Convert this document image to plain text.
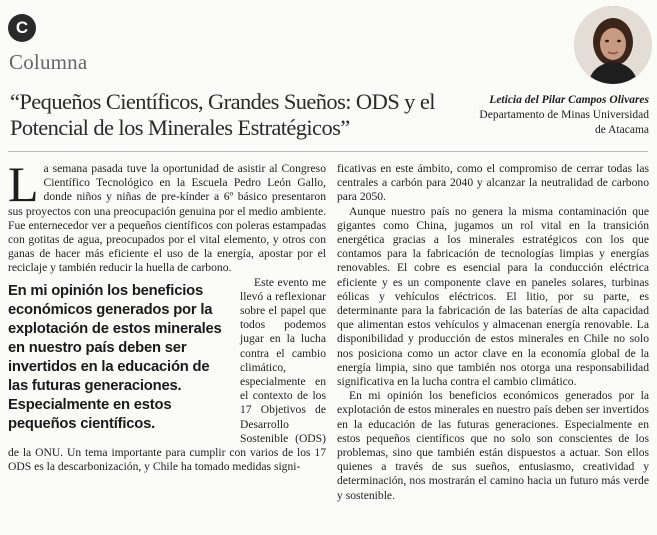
C
Columna
“Pequeños Científicos, Grandes Sueños: ODS y el Potencial de los Minerales Estratégicos”
Leticia del Pilar Campos Olivares
Departamento de Minas Universidad de Atacama

La semana pasada tuve la oportunidad de asistir al Congreso Científico Tecnológico en la Escuela Pedro León Gallo, donde niños y niñas de pre-kínder a 6º básico presentaron sus proyectos con una preocupación genuina por el medio ambiente. Fue enternecedor ver a pequeños científicos con poleras estampadas con gotitas de agua, preocupados por el vital elemento, y otros con ganas de hacer más eficiente el uso de la energía, apostar por el reciclaje y también reducir la huella de carbono.

En mi opinión los beneficios económicos generados por la explotación de estos minerales en nuestro país deben ser invertidos en la educación de las futuras generaciones. Especialmente en estos pequeños científicos.

Este evento me llevó a reflexionar sobre el papel que todos podemos jugar en la lucha contra el cambio climático, especialmente en el contexto de los 17 Objetivos de Desarrollo Sostenible (ODS) de la ONU. Un tema importante para cumplir con varios de los 17 ODS es la descarbonización, y Chile ha tomado medidas signi-

ficativas en este ámbito, como el compromiso de cerrar todas las centrales a carbón para 2040 y alcanzar la neutralidad de carbono para 2050.

Aunque nuestro país no genera la misma contaminación que gigantes como China, jugamos un rol vital en la transición energética gracias a los minerales estratégicos con los que contamos para la fabricación de tecnologías limpias y energías renovables. El cobre es esencial para la conducción eléctrica eficiente y es un componente clave en paneles solares, turbinas eólicas y vehículos eléctricos. El litio, por su parte, es determinante para la fabricación de las baterías de alta capacidad que alimentan estos vehículos y almacenan energía renovable. La disponibilidad y producción de estos minerales en Chile no solo nos posiciona como un actor clave en la economía global de la energía limpia, sino que también nos otorga una responsabilidad significativa en la lucha contra el cambio climático.

En mi opinión los beneficios económicos generados por la explotación de estos minerales en nuestro país deben ser invertidos en la educación de las futuras generaciones. Especialmente en estos pequeños científicos que no solo son conscientes de los problemas, sino que también están dispuestos a actuar. Son ellos quienes a través de sus sueños, entusiasmo, creatividad y determinación, nos mostrarán el camino hacia un futuro más verde y sostenible.
